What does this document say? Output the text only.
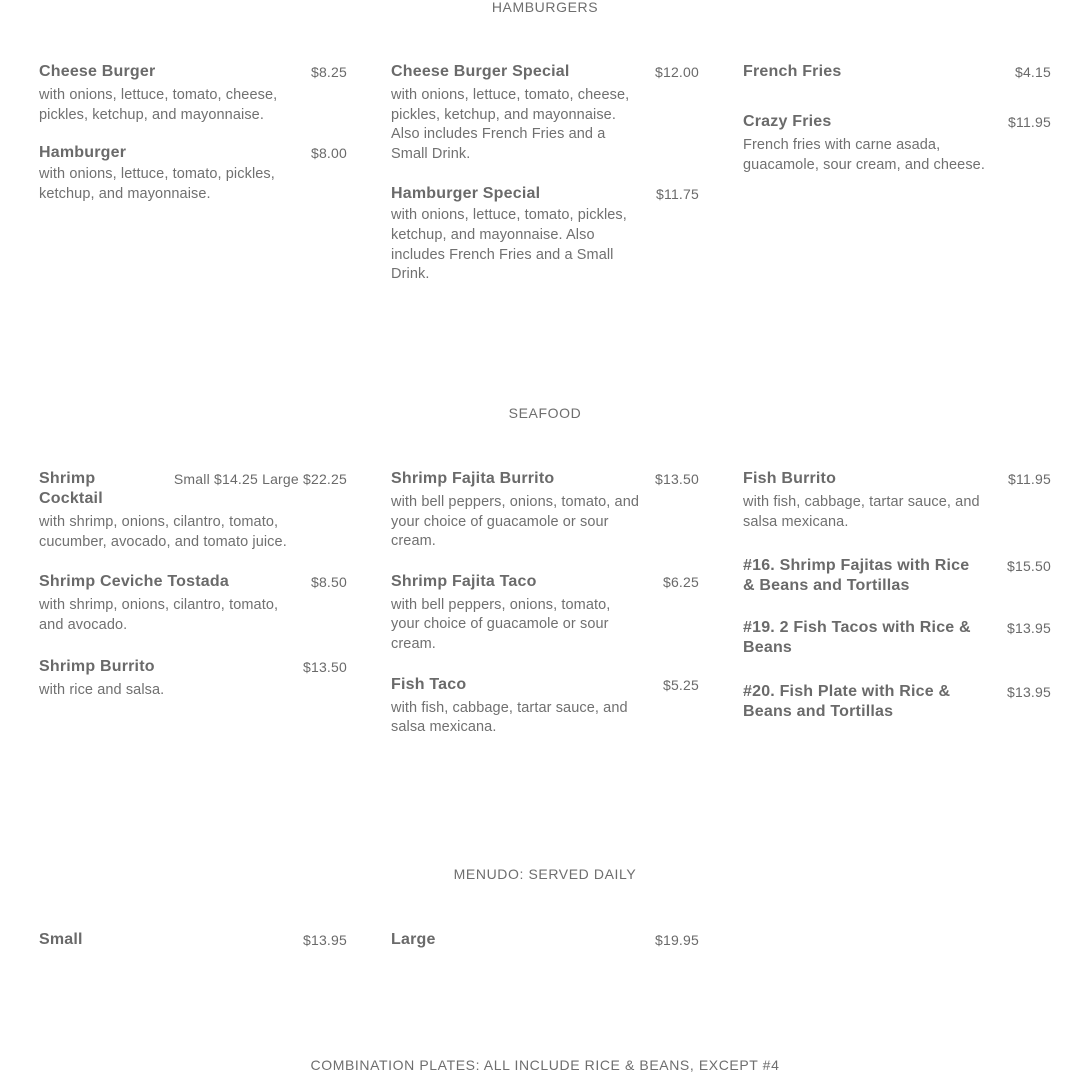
HAMBURGERS
Cheese Burger	$8.25
with onions, lettuce, tomato, cheese, pickles, ketchup, and mayonnaise.
Hamburger	$8.00
with onions, lettuce, tomato, pickles, ketchup, and mayonnaise.
Cheese Burger Special	$12.00
with onions, lettuce, tomato, cheese, pickles, ketchup, and mayonnaise. Also includes French Fries and a Small Drink.
Hamburger Special	$11.75
with onions, lettuce, tomato, pickles, ketchup, and mayonnaise. Also includes French Fries and a Small Drink.
French Fries	$4.15
Crazy Fries	$11.95
French fries with carne asada, guacamole, sour cream, and cheese.
SEAFOOD
Shrimp Cocktail
Small $14.25 Large $22.25
with shrimp, onions, cilantro, tomato, cucumber, avocado, and tomato juice.
Shrimp Ceviche Tostada	$8.50
with shrimp, onions, cilantro, tomato, and avocado.
Shrimp Burrito	$13.50
with rice and salsa.
Shrimp Fajita Burrito	$13.50
with bell peppers, onions, tomato, and your choice of guacamole or sour cream.
Shrimp Fajita Taco	$6.25
with bell peppers, onions, tomato, your choice of guacamole or sour cream.
Fish Taco	$5.25
with fish, cabbage, tartar sauce, and salsa mexicana.
Fish Burrito	$11.95
with fish, cabbage, tartar sauce, and salsa mexicana.
#16. Shrimp Fajitas with Rice & Beans and Tortillas
$15.50
#19. 2 Fish Tacos with Rice & Beans
$13.95
#20. Fish Plate with Rice & Beans and Tortillas
$13.95
MENUDO: SERVED DAILY
Small	$13.95	Large	$19.95
COMBINATION PLATES: ALL INCLUDE RICE & BEANS, EXCEPT #4
